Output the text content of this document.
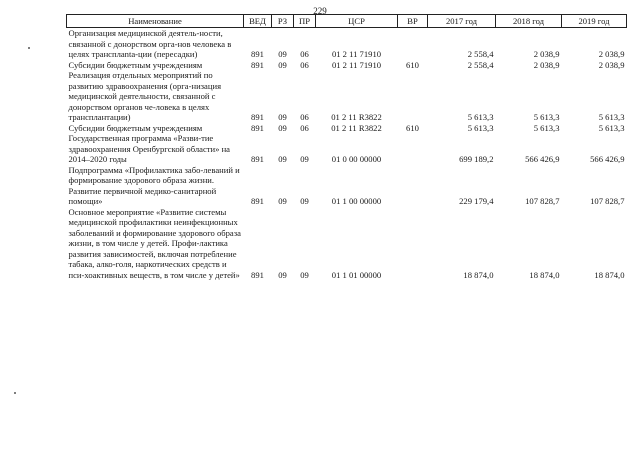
229
Наименование	ВЕД	РЗ	ПР	ЦСР	ВР	2017 год	2018 год	2019 год
Организация медицинской деятель-ности, связанной с донорством орга-нов человека в целях трансплanta-ции (пересадки)	891	09	06	01 2 11 71910		2 558,4	2 038,9	2 038,9
Субсидии бюджетным учреждениям	891	09	06	01 2 11 71910	610	2 558,4	2 038,9	2 038,9
Реализация отдельных мероприятий по развитию здравоохранения (орга-низация медицинской деятельности, связанной с донорством органов че-ловека в целях трансплантации)	891	09	06	01 2 11 R3822		5 613,3	5 613,3	5 613,3
Субсидии бюджетным учреждениям	891	09	06	01 2 11 R3822	610	5 613,3	5 613,3	5 613,3
Государственная программа «Разви-тие здравоохранения Оренбургской области» на 2014–2020 годы	891	09	09	01 0 00 00000		699 189,2	566 426,9	566 426,9
Подпрограмма «Профилактика забо-леваний и формирование здорового образа жизни. Развитие первичной медико-санитарной помощи»	891	09	09	01 1 00 00000		229 179,4	107 828,7	107 828,7
Основное мероприятие «Развитие системы медицинской профилактики неинфекционных заболеваний и формирование здорового образа жизни, в том числе у детей. Профи-лактика развития зависимостей, включая потребление табака, алко-голя, наркотических средств и пси-хоактивных веществ, в том числе у детей»	891	09	09	01 1 01 00000		18 874,0	18 874,0	18 874,0
